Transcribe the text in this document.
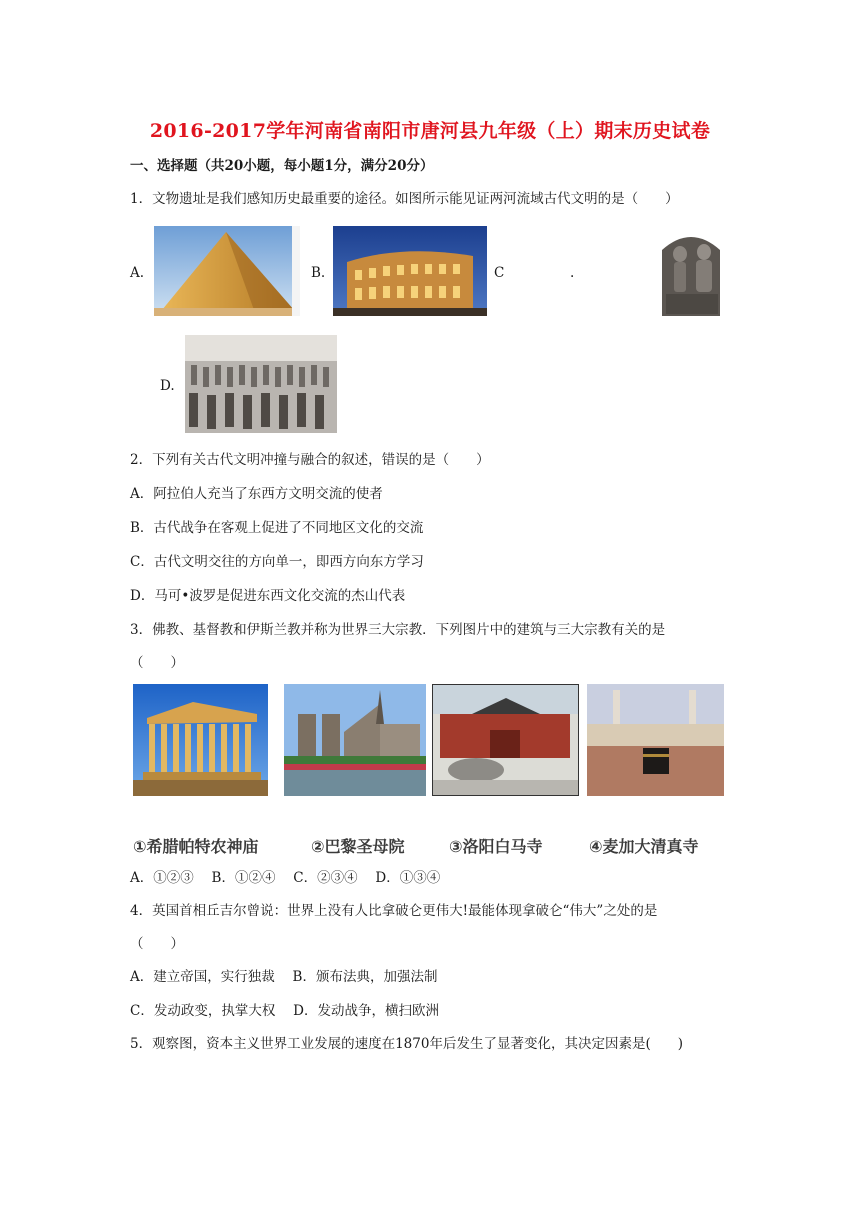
2016-2017学年河南省南阳市唐河县九年级（上）期末历史试卷
一、选择题（共20小题，每小题1分，满分20分）
1．文物遗址是我们感知历史最重要的途径。如图所示能见证两河流域古代文明的是（　　）
A.	B.	C	.
D.
2．下列有关古代文明冲撞与融合的叙述，错误的是（　　）
A．阿拉伯人充当了东西方文明交流的使者
B．古代战争在客观上促进了不同地区文化的交流
C．古代文明交往的方向单一，即西方向东方学习
D．马可•波罗是促进东西文化交流的杰山代表
3．佛教、基督教和伊斯兰教并称为世界三大宗教．下列图片中的建筑与三大宗教有关的是
（　　）
①希腊帕特农神庙	②巴黎圣母院	③洛阳白马寺	④麦加大清真寺
A．①②③　 B．①②④　 C．②③④　 D．①③④
4．英国首相丘吉尔曾说：世界上没有人比拿破仑更伟大!最能体现拿破仑“伟大”之处的是
（　　）
A．建立帝国，实行独裁　 B．颁布法典，加强法制
C．发动政变，执掌大权　 D．发动战争，横扫欧洲
5．观察图，资本主义世界工业发展的速度在1870年后发生了显著变化，其决定因素是(　　)
